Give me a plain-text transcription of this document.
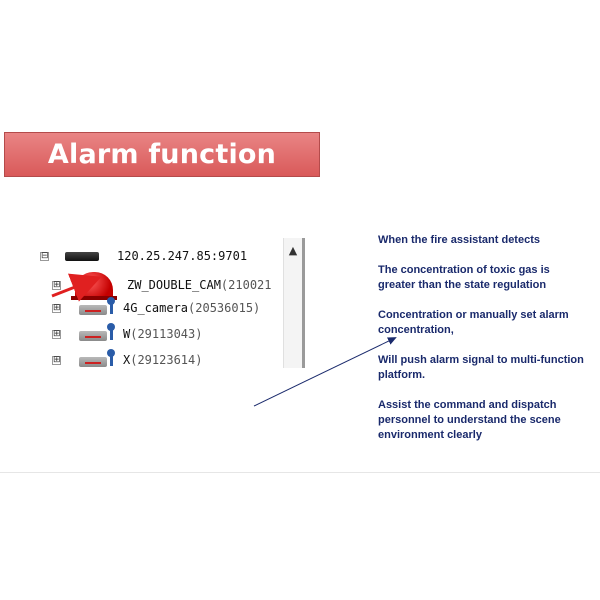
Alarm function
⊟	120.25.247.85:9701
⊞	ZW_DOUBLE_CAM (210021
⊞	4G_camera (20536015)
⊞	W (29113043)
⊞	X (29123614)
▲

When the fire assistant detects

The concentration of toxic gas is greater than the state regulation

Concentration or manually set alarm concentration,

Will push alarm signal to multi-function platform.

Assist the command and dispatch personnel to understand the scene environment clearly
